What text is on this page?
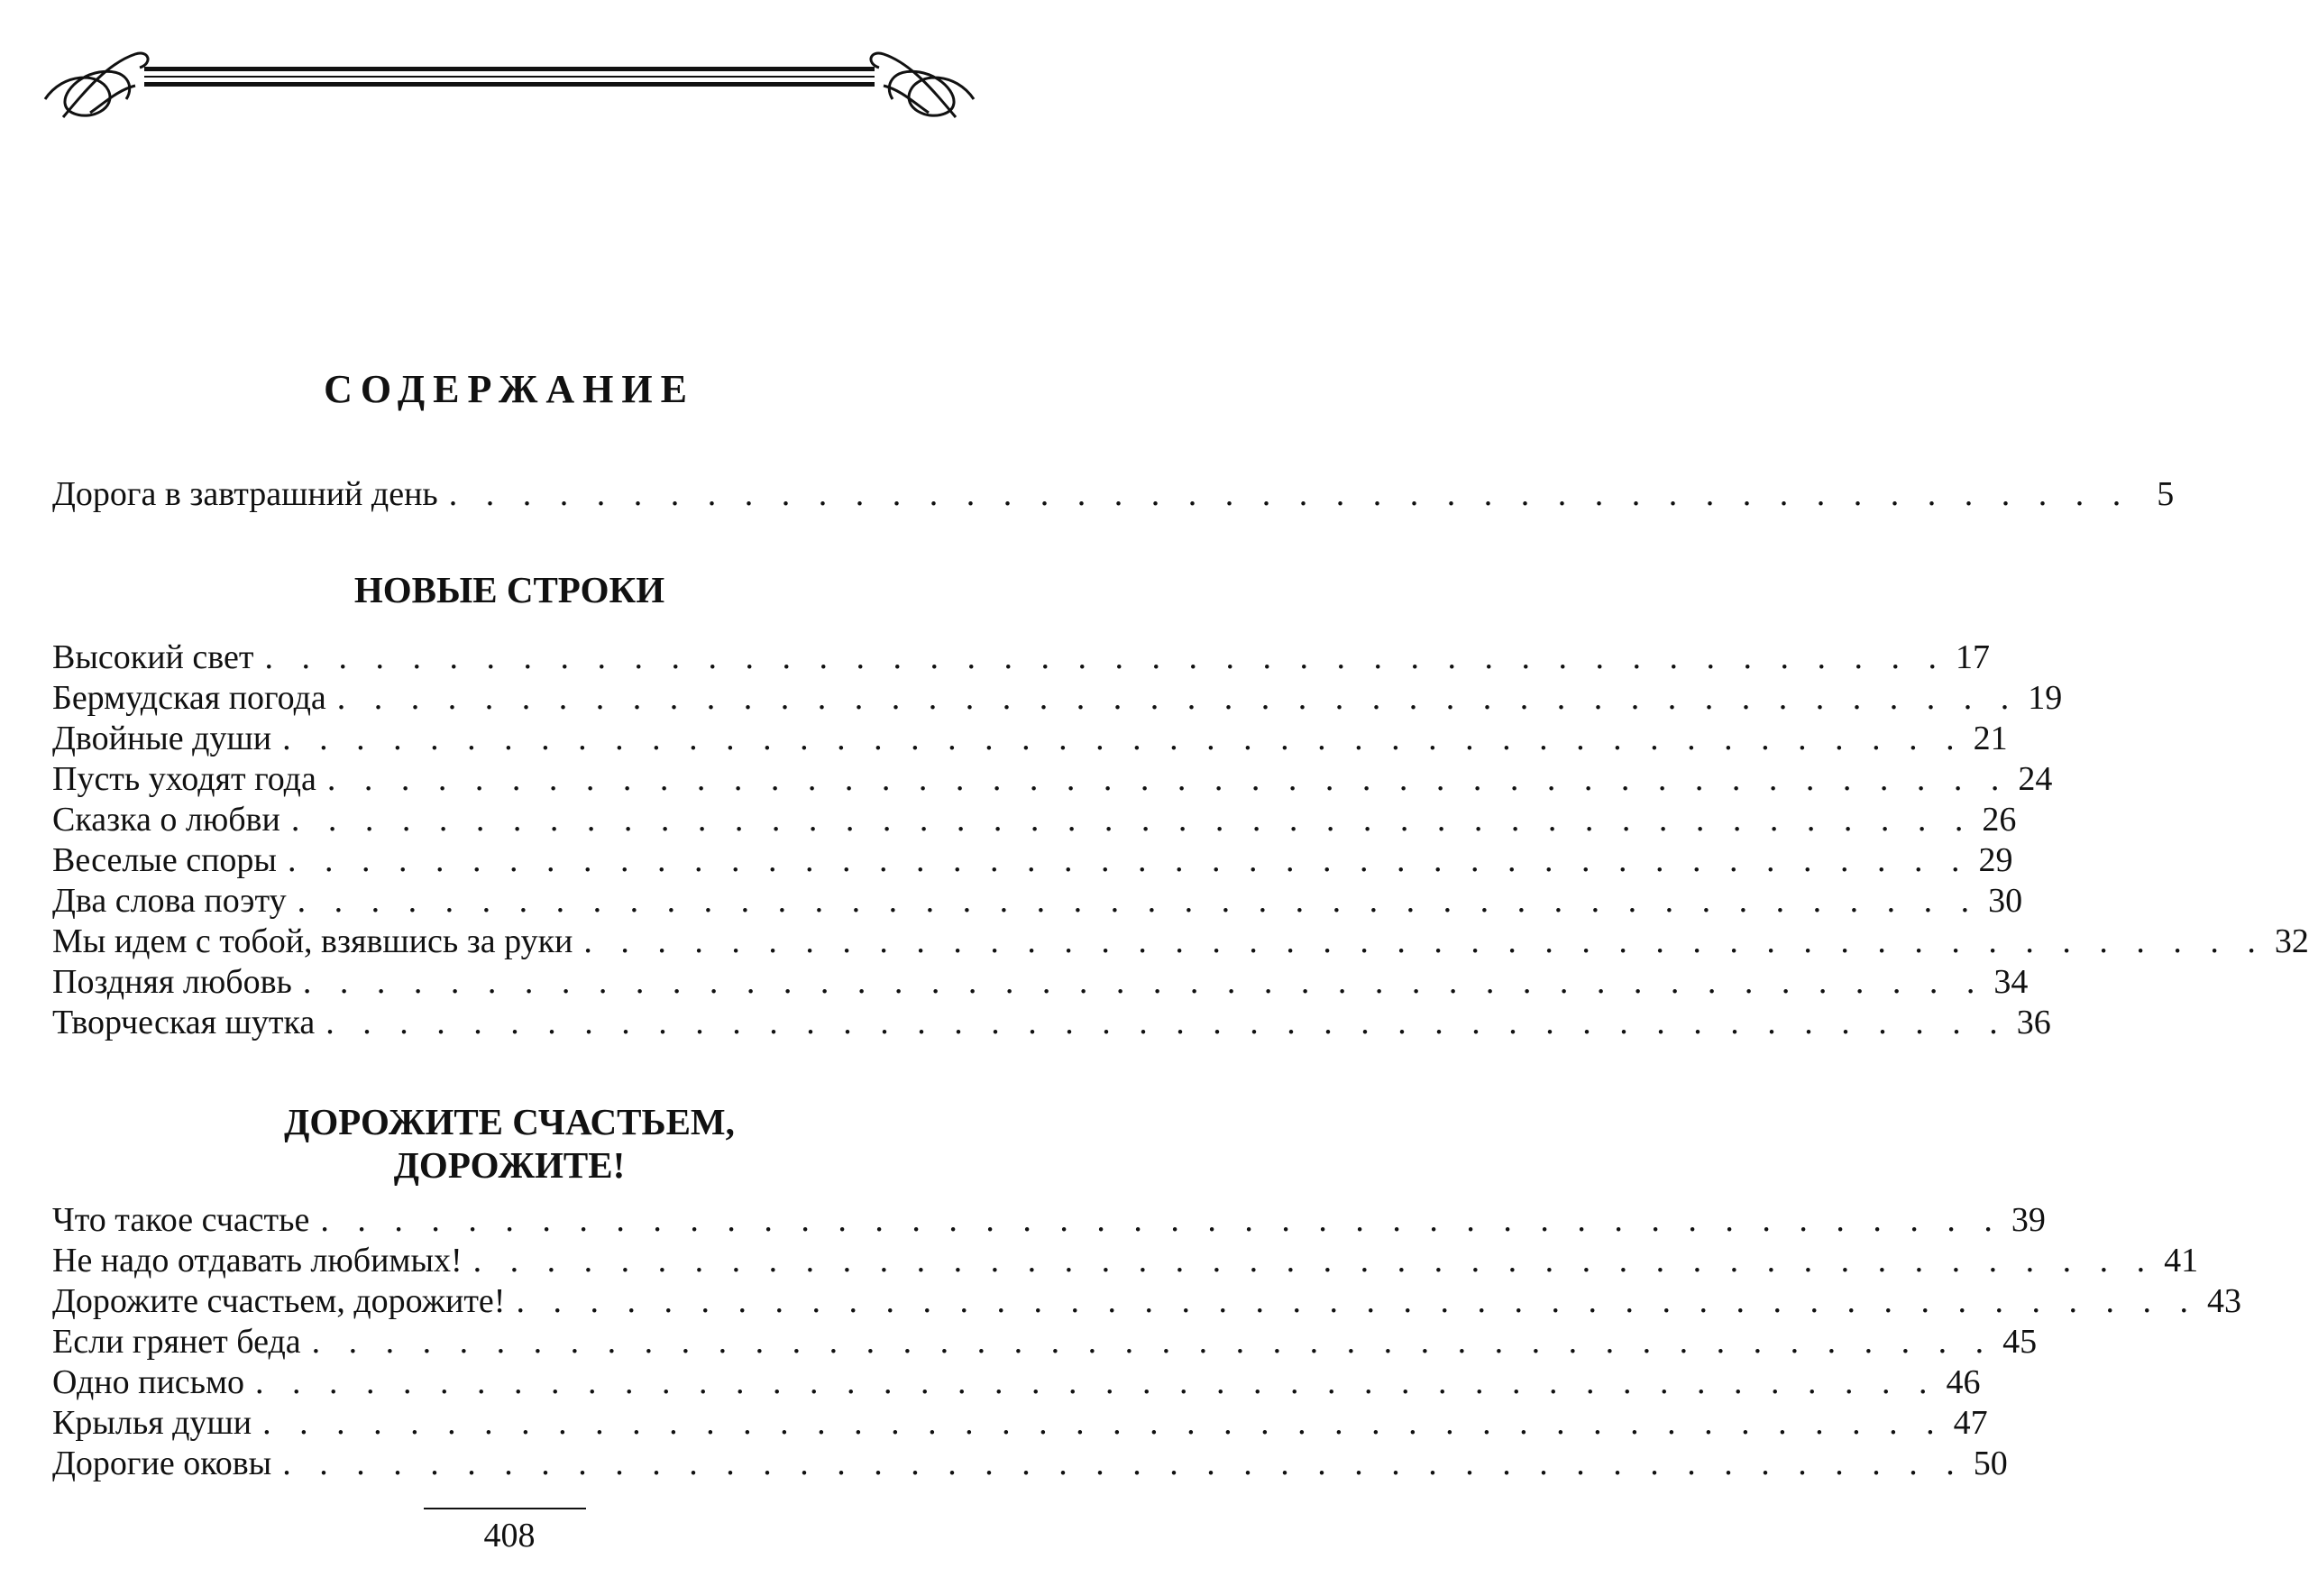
СОДЕРЖАНИЕ
Дорога в завтрашний день . . . . . . . . . . . . . . . . . . . . . . . . . . . . . . . . . . . . . . . . . . . . . . 5
НОВЫЕ СТРОКИ
Высокий свет . . . . . . . . . . . . . . . . . . . . . . . . . . . . . . . . . . . . . . . . . . . . . . 17
Бермудская погода . . . . . . . . . . . . . . . . . . . . . . . . . . . . . . . . . . . . . . . . . . . . . . 19
Двойные души . . . . . . . . . . . . . . . . . . . . . . . . . . . . . . . . . . . . . . . . . . . . . . 21
Пусть уходят года . . . . . . . . . . . . . . . . . . . . . . . . . . . . . . . . . . . . . . . . . . . . . . 24
Сказка о любви . . . . . . . . . . . . . . . . . . . . . . . . . . . . . . . . . . . . . . . . . . . . . . 26
Веселые споры . . . . . . . . . . . . . . . . . . . . . . . . . . . . . . . . . . . . . . . . . . . . . . 29
Два слова поэту . . . . . . . . . . . . . . . . . . . . . . . . . . . . . . . . . . . . . . . . . . . . . . 30
Мы идем с тобой, взявшись за руки . . . . . . . . . . . . . . . . . . . . . . . . . . . . . . . . . . . . . . . . . . . . . . 32
Поздняя любовь . . . . . . . . . . . . . . . . . . . . . . . . . . . . . . . . . . . . . . . . . . . . . . 34
Творческая шутка . . . . . . . . . . . . . . . . . . . . . . . . . . . . . . . . . . . . . . . . . . . . . . 36
ДОРОЖИТЕ СЧАСТЬЕМ,
ДОРОЖИТЕ!
Что такое счастье . . . . . . . . . . . . . . . . . . . . . . . . . . . . . . . . . . . . . . . . . . . . . . 39
Не надо отдавать любимых! . . . . . . . . . . . . . . . . . . . . . . . . . . . . . . . . . . . . . . . . . . . . . . 41
Дорожите счастьем, дорожите! . . . . . . . . . . . . . . . . . . . . . . . . . . . . . . . . . . . . . . . . . . . . . . 43
Если грянет беда . . . . . . . . . . . . . . . . . . . . . . . . . . . . . . . . . . . . . . . . . . . . . . 45
Одно письмо . . . . . . . . . . . . . . . . . . . . . . . . . . . . . . . . . . . . . . . . . . . . . . 46
Крылья души . . . . . . . . . . . . . . . . . . . . . . . . . . . . . . . . . . . . . . . . . . . . . . 47
Дорогие оковы . . . . . . . . . . . . . . . . . . . . . . . . . . . . . . . . . . . . . . . . . . . . . . 50
408
